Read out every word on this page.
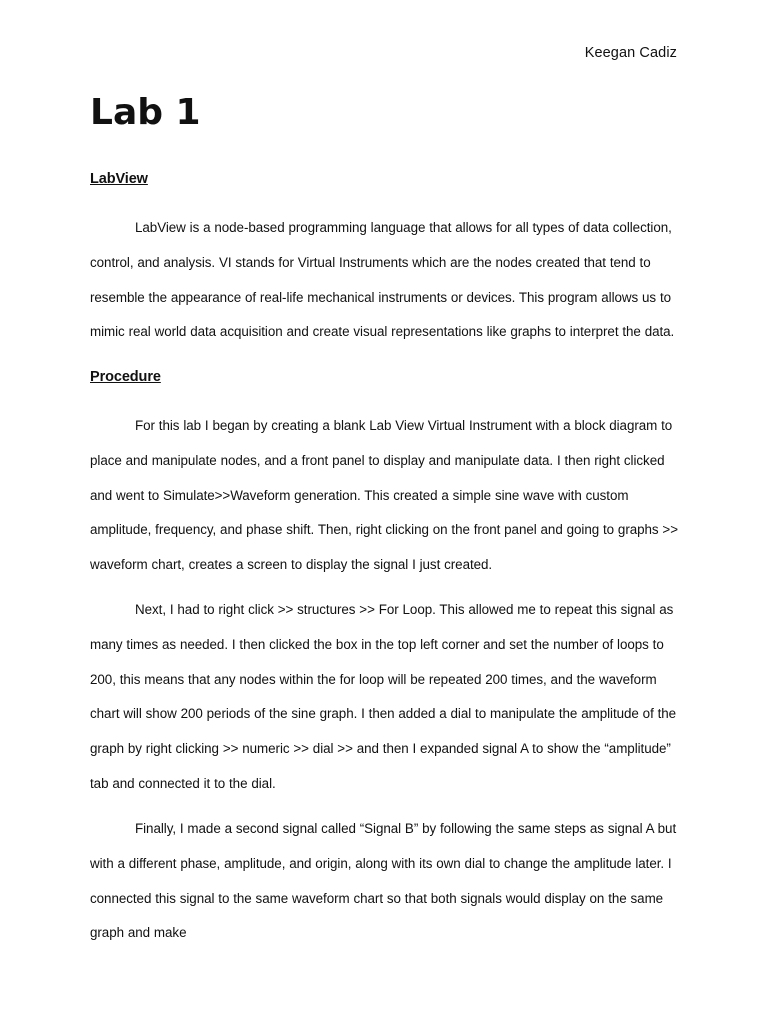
Keegan Cadiz
Lab 1
LabView

LabView is a node-based programming language that allows for all types of data collection, control, and analysis. VI stands for Virtual Instruments which are the nodes created that tend to resemble the appearance of real-life mechanical instruments or devices. This program allows us to mimic real world data acquisition and create visual representations like graphs to interpret the data.

Procedure

For this lab I began by creating a blank Lab View Virtual Instrument with a block diagram to place and manipulate nodes, and a front panel to display and manipulate data. I then right clicked and went to Simulate>>Waveform generation. This created a simple sine wave with custom amplitude, frequency, and phase shift. Then, right clicking on the front panel and going to graphs >> waveform chart, creates a screen to display the signal I just created.

Next, I had to right click >> structures >> For Loop. This allowed me to repeat this signal as many times as needed. I then clicked the box in the top left corner and set the number of loops to 200, this means that any nodes within the for loop will be repeated 200 times, and the waveform chart will show 200 periods of the sine graph. I then added a dial to manipulate the amplitude of the graph by right clicking >> numeric >> dial >> and then I expanded signal A to show the “amplitude” tab and connected it to the dial.

Finally, I made a second signal called “Signal B” by following the same steps as signal A but with a different phase, amplitude, and origin, along with its own dial to change the amplitude later. I connected this signal to the same waveform chart so that both signals would display on the same graph and make
